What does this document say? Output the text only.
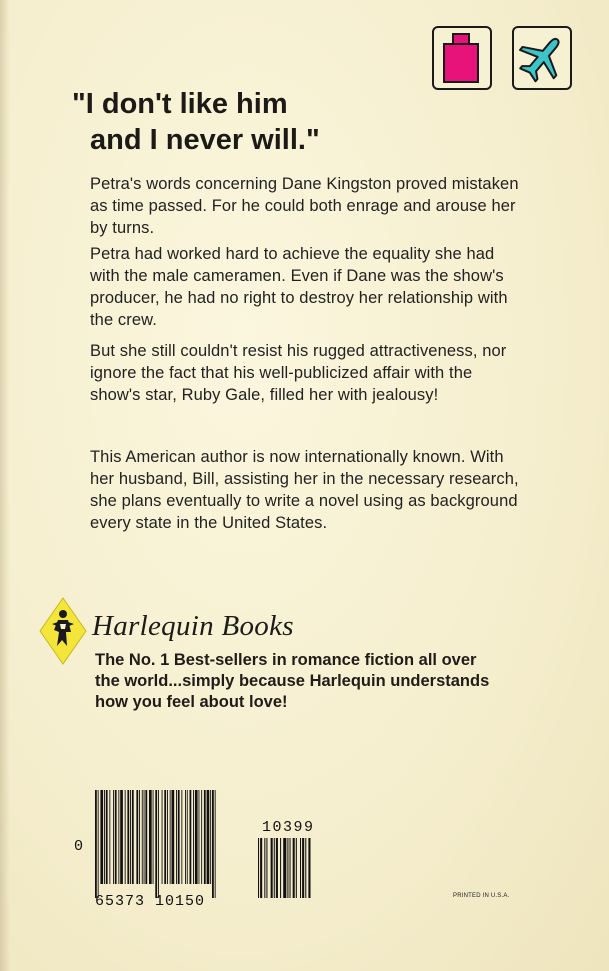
"I don't like him
and I never will."
Petra's words concerning Dane Kingston proved mistaken as time passed. For he could both enrage and arouse her by turns.
Petra had worked hard to achieve the equality she had with the male cameramen. Even if Dane was the show's producer, he had no right to destroy her relationship with the crew.
But she still couldn't resist his rugged attractiveness, nor ignore the fact that his well-publicized affair with the show's star, Ruby Gale, filled her with jealousy!
This American author is now internationally known. With her husband, Bill, assisting her in the necessary research, she plans eventually to write a novel using as background every state in the United States.
Harlequin Books
The No. 1 Best-sellers in romance fiction all over the world...simply because Harlequin understands how you feel about love!
0
65373 10150
10399
PRINTED IN U.S.A.
